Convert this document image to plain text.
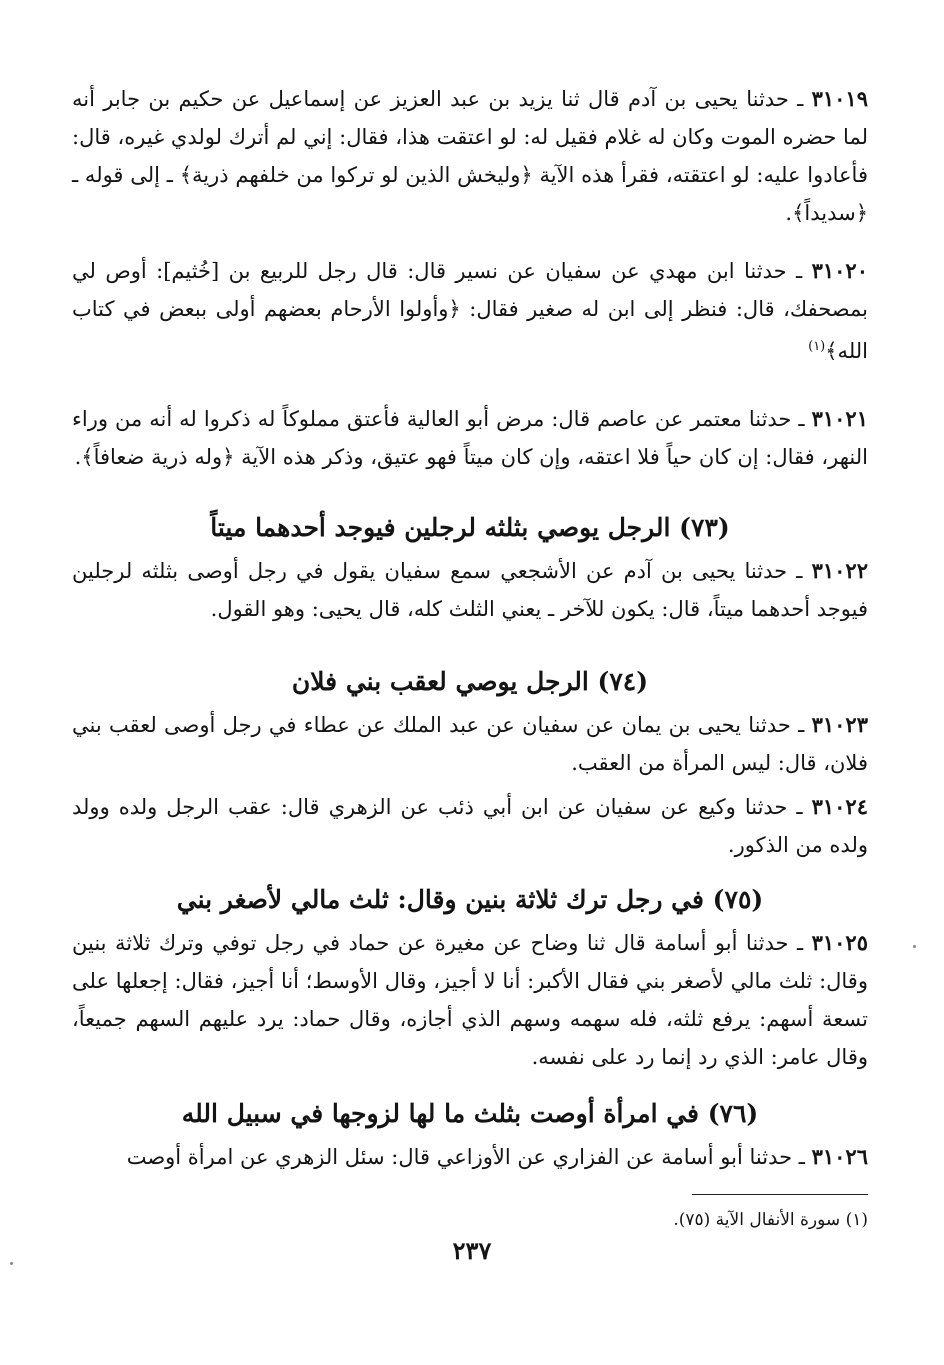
٣١٠١٩ ـ حدثنا يحيى بن آدم قال ثنا يزيد بن عبد العزيز عن إسماعيل عن حكيم بن جابر أنه لما حضره الموت وكان له غلام فقيل له: لو اعتقت هذا، فقال: إني لم أترك لولدي غيره، قال: فأعادوا عليه: لو اعتقته، فقرأ هذه الآية ﴿وليخش الذين لو تركوا من خلفهم ذرية﴾ ـ إلى قوله ـ ﴿سديداً﴾.

٣١٠٢٠ ـ حدثنا ابن مهدي عن سفيان عن نسير قال: قال رجل للربيع بن [خُثيم]: أوص لي بمصحفك، قال: فنظر إلى ابن له صغير فقال: ﴿وأولوا الأرحام بعضهم أولى ببعض في كتاب الله﴾$^{(١)}$

٣١٠٢١ ـ حدثنا معتمر عن عاصم قال: مرض أبو العالية فأعتق مملوكاً له ذكروا له أنه من وراء النهر، فقال: إن كان حياً فلا اعتقه، وإن كان ميتاً فهو عتيق، وذكر هذه الآية ﴿وله ذرية ضعافاً﴾.

(٧٣) الرجل يوصي بثلثه لرجلين فيوجد أحدهما ميتاً

٣١٠٢٢ ـ حدثنا يحيى بن آدم عن الأشجعي سمع سفيان يقول في رجل أوصى بثلثه لرجلين فيوجد أحدهما ميتاً، قال: يكون للآخر ـ يعني الثلث كله، قال يحيى: وهو القول.

(٧٤) الرجل يوصي لعقب بني فلان

٣١٠٢٣ ـ حدثنا يحيى بن يمان عن سفيان عن عبد الملك عن عطاء في رجل أوصى لعقب بني فلان، قال: ليس المرأة من العقب.

٣١٠٢٤ ـ حدثنا وكيع عن سفيان عن ابن أبي ذئب عن الزهري قال: عقب الرجل ولده وولد ولده من الذكور.

(٧٥) في رجل ترك ثلاثة بنين وقال: ثلث مالي لأصغر بني

٣١٠٢٥ ـ حدثنا أبو أسامة قال ثنا وضاح عن مغيرة عن حماد في رجل توفي وترك ثلاثة بنين وقال: ثلث مالي لأصغر بني فقال الأكبر: أنا لا أجيز، وقال الأوسط؛ أنا أجيز، فقال: إجعلها على تسعة أسهم: يرفع ثلثه، فله سهمه وسهم الذي أجازه، وقال حماد: يرد عليهم السهم جميعاً، وقال عامر: الذي رد إنما رد على نفسه.

(٧٦) في امرأة أوصت بثلث ما لها لزوجها في سبيل الله

٣١٠٢٦ ـ حدثنا أبو أسامة عن الفزاري عن الأوزاعي قال: سئل الزهري عن امرأة أوصت

(١) سورة الأنفال الآية (٧٥).
٢٣٧
